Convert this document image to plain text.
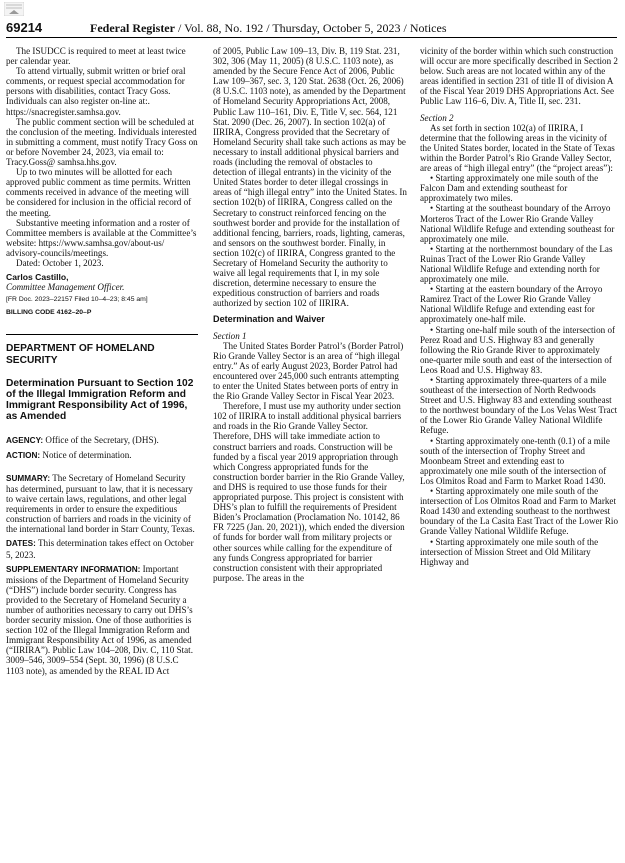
69214	Federal Register / Vol. 88, No. 192 / Thursday, October 5, 2023 / Notices

The ISUDCC is required to meet at least twice per calendar year.

To attend virtually, submit written or brief oral comments, or request special accommodation for persons with disabilities, contact Tracy Goss. Individuals can also register on-line at:. https://snacregister.samhsa.gov.

The public comment section will be scheduled at the conclusion of the meeting. Individuals interested in submitting a comment, must notify Tracy Goss on or before November 24, 2023, via email to: Tracy.Goss@ samhsa.hhs.gov.

Up to two minutes will be allotted for each approved public comment as time permits. Written comments received in advance of the meeting will be considered for inclusion in the official record of the meeting.

Substantive meeting information and a roster of Committee members is available at the Committee’s website: https://www.samhsa.gov/about-us/ advisory-councils/meetings.

Dated: October 1, 2023.

Carlos Castillo,

Committee Management Officer.

[FR Doc. 2023–22157 Filed 10–4–23; 8:45 am]

BILLING CODE 4162–20–P

DEPARTMENT OF HOMELAND SECURITY
Determination Pursuant to Section 102 of the Illegal Immigration Reform and Immigrant Responsibility Act of 1996, as Amended

AGENCY: Office of the Secretary, (DHS).

ACTION: Notice of determination.

SUMMARY: The Secretary of Homeland Security has determined, pursuant to law, that it is necessary to waive certain laws, regulations, and other legal requirements in order to ensure the expeditious construction of barriers and roads in the vicinity of the international land border in Starr County, Texas.

DATES: This determination takes effect on October 5, 2023.

SUPPLEMENTARY INFORMATION: Important missions of the Department of Homeland Security (“DHS”) include border security. Congress has provided to the Secretary of Homeland Security a number of authorities necessary to carry out DHS’s border security mission. One of those authorities is section 102 of the Illegal Immigration Reform and Immigrant Responsibility Act of 1996, as amended (“IIRIRA”). Public Law 104–208, Div. C, 110 Stat. 3009–546, 3009–554 (Sept. 30, 1996) (8 U.S.C 1103 note), as amended by the REAL ID Act

of 2005, Public Law 109–13, Div. B, 119 Stat. 231, 302, 306 (May 11, 2005) (8 U.S.C. 1103 note), as amended by the Secure Fence Act of 2006, Public Law 109–367, sec. 3, 120 Stat. 2638 (Oct. 26, 2006) (8 U.S.C. 1103 note), as amended by the Department of Homeland Security Appropriations Act, 2008, Public Law 110–161, Div. E, Title V, sec. 564, 121 Stat. 2090 (Dec. 26, 2007). In section 102(a) of IIRIRA, Congress provided that the Secretary of Homeland Security shall take such actions as may be necessary to install additional physical barriers and roads (including the removal of obstacles to detection of illegal entrants) in the vicinity of the United States border to deter illegal crossings in areas of “high illegal entry” into the United States. In section 102(b) of IIRIRA, Congress called on the Secretary to construct reinforced fencing on the southwest border and provide for the installation of additional fencing, barriers, roads, lighting, cameras, and sensors on the southwest border. Finally, in section 102(c) of IIRIRA, Congress granted to the Secretary of Homeland Security the authority to waive all legal requirements that I, in my sole discretion, determine necessary to ensure the expeditious construction of barriers and roads authorized by section 102 of IIRIRA.

Determination and Waiver

Section 1

The United States Border Patrol’s (Border Patrol) Rio Grande Valley Sector is an area of “high illegal entry.” As of early August 2023, Border Patrol had encountered over 245,000 such entrants attempting to enter the United States between ports of entry in the Rio Grande Valley Sector in Fiscal Year 2023.

Therefore, I must use my authority under section 102 of IIRIRA to install additional physical barriers and roads in the Rio Grande Valley Sector. Therefore, DHS will take immediate action to construct barriers and roads. Construction will be funded by a fiscal year 2019 appropriation through which Congress appropriated funds for the construction border barrier in the Rio Grande Valley, and DHS is required to use those funds for their appropriated purpose. This project is consistent with DHS’s plan to fulfill the requirements of President Biden’s Proclamation (Proclamation No. 10142, 86 FR 7225 (Jan. 20, 2021)), which ended the diversion of funds for border wall from military projects or other sources while calling for the expenditure of any funds Congress appropriated for barrier construction consistent with their appropriated purpose. The areas in the

vicinity of the border within which such construction will occur are more specifically described in Section 2 below. Such areas are not located within any of the areas identified in section 231 of title II of division A of the Fiscal Year 2019 DHS Appropriations Act. See Public Law 116–6, Div. A, Title II, sec. 231.

Section 2

As set forth in section 102(a) of IIRIRA, I determine that the following areas in the vicinity of the United States border, located in the State of Texas within the Border Patrol’s Rio Grande Valley Sector, are areas of “high illegal entry” (the “project areas”):

• Starting approximately one mile south of the Falcon Dam and extending southeast for approximately two miles.

• Starting at the southeast boundary of the Arroyo Morteros Tract of the Lower Rio Grande Valley National Wildlife Refuge and extending southeast for approximately one mile.

• Starting at the northernmost boundary of the Las Ruinas Tract of the Lower Rio Grande Valley National Wildlife Refuge and extending north for approximately one mile.

• Starting at the eastern boundary of the Arroyo Ramirez Tract of the Lower Rio Grande Valley National Wildlife Refuge and extending east for approximately one-half mile.

• Starting one-half mile south of the intersection of Perez Road and U.S. Highway 83 and generally following the Rio Grande River to approximately one-quarter mile south and east of the intersection of Leos Road and U.S. Highway 83.

• Starting approximately three-quarters of a mile southeast of the intersection of North Redwoods Street and U.S. Highway 83 and extending southeast to the northwest boundary of the Los Velas West Tract of the Lower Rio Grande Valley National Wildlife Refuge.

• Starting approximately one-tenth (0.1) of a mile south of the intersection of Trophy Street and Moonbeam Street and extending east to approximately one mile south of the intersection of Los Olmitos Road and Farm to Market Road 1430.

• Starting approximately one mile south of the intersection of Los Olmitos Road and Farm to Market Road 1430 and extending southeast to the northwest boundary of the La Casita East Tract of the Lower Rio Grande Valley National Wildlife Refuge.

• Starting approximately one mile south of the intersection of Mission Street and Old Military Highway and
